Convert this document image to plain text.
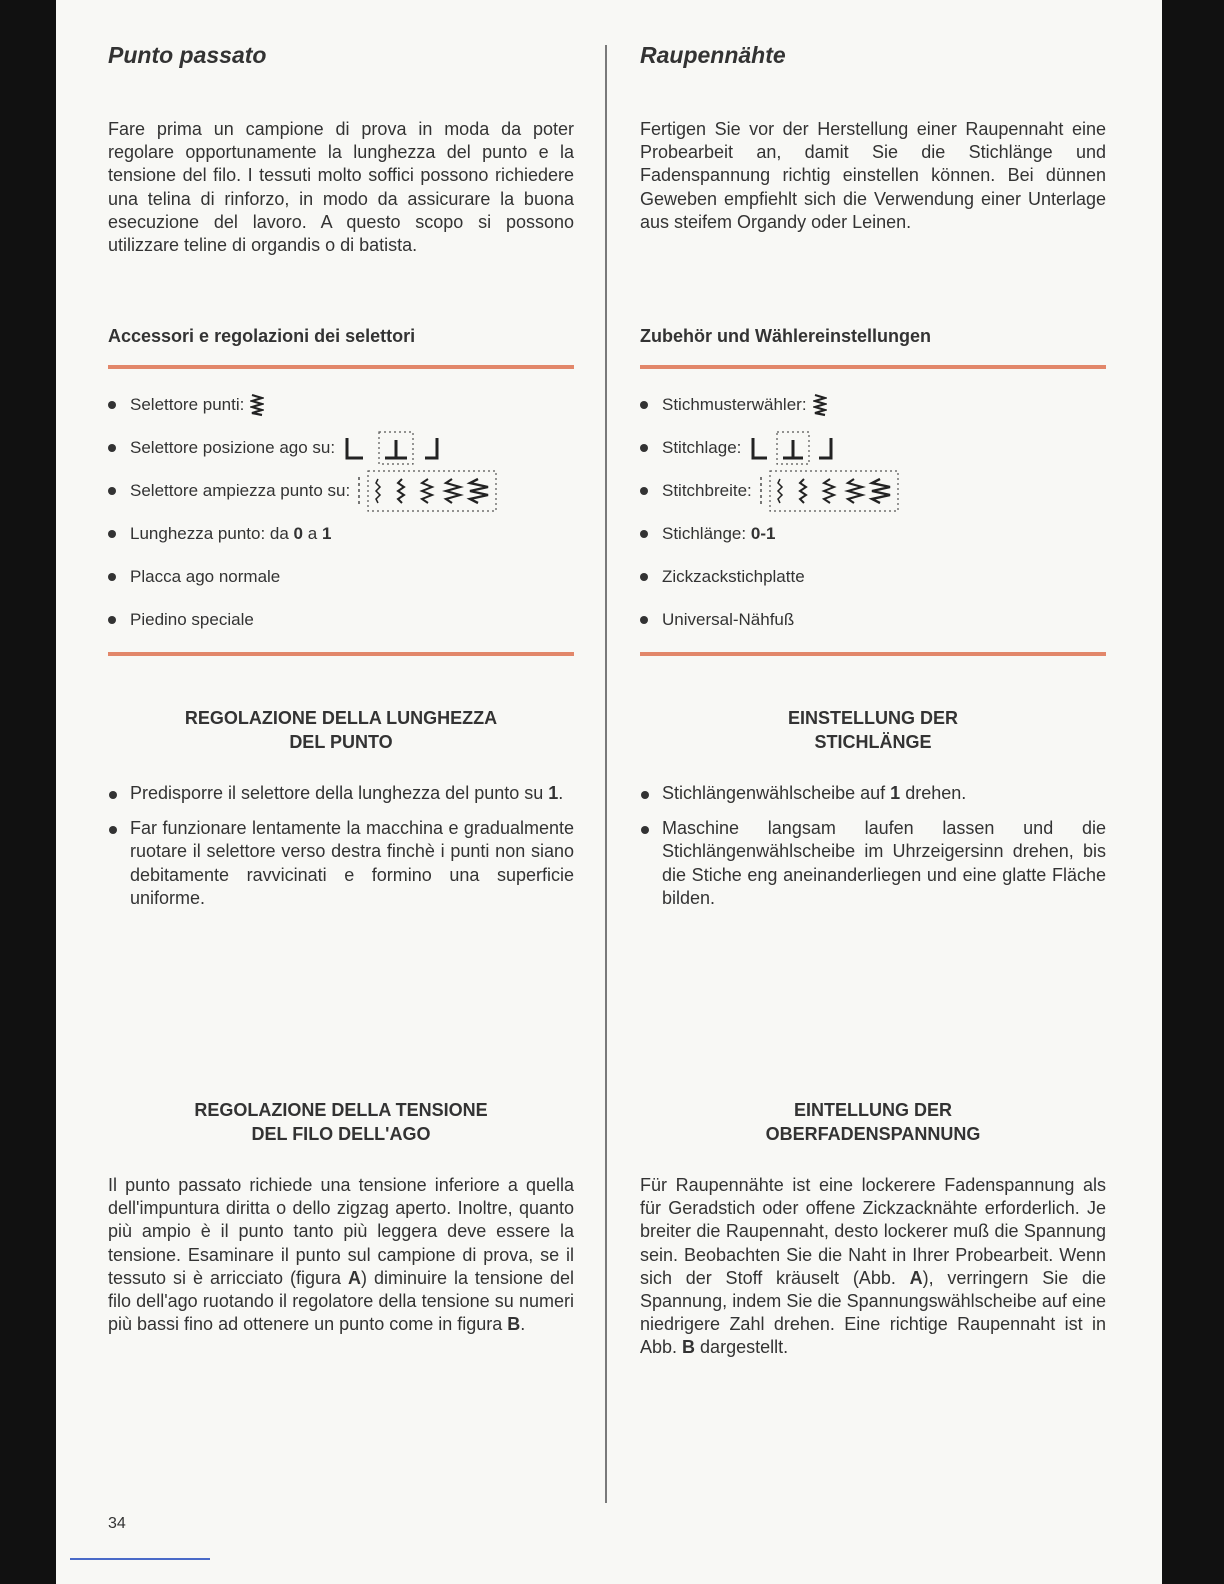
Punto passato

Fare prima un campione di prova in moda da poter regolare opportunamente la lunghezza del punto e la tensione del filo. I tessuti molto soffici possono richiedere una telina di rinforzo, in modo da assicurare la buona esecuzione del lavoro. A questo scopo si possono utilizzare teline di organdis o di batista.

Accessori e regolazioni dei selettori
Selettore punti:
Selettore posizione ago su:
Selettore ampiezza punto su:
Lunghezza punto: da
0
a
1
Placca ago normale
Piedino speciale
REGOLAZIONE DELLA LUNGHEZZA
DEL PUNTO
Predisporre il selettore della lunghezza del punto su 1.
Far funzionare lentamente la macchina e gradualmente ruotare il selettore verso destra finchè i punti non siano debitamente ravvicinati e formino una superficie uniforme.
REGOLAZIONE DELLA TENSIONE
DEL FILO DELL'AGO

Il punto passato richiede una tensione inferiore a quella dell'impuntura diritta o dello zigzag aperto. Inoltre, quanto più ampio è il punto tanto più leggera deve essere la tensione. Esaminare il punto sul campione di prova, se il tessuto si è arricciato (figura A) diminuire la tensione del filo dell'ago ruotando il regolatore della tensione su numeri più bassi fino ad ottenere un punto come in figura B.

34
Raupennähte

Fertigen Sie vor der Herstellung einer Raupennaht eine Probearbeit an, damit Sie die Stichlänge und Fadenspannung richtig einstellen können. Bei dünnen Geweben empfiehlt sich die Verwendung einer Unterlage aus steifem Organdy oder Leinen.

Zubehör und Wählereinstellungen
Stichmusterwähler:
Stitchlage:
Stitchbreite:
Stichlänge:
0-1
Zickzackstichplatte
Universal-Nähfuß
EINSTELLUNG DER
STICHLÄNGE
Stichlängenwählscheibe auf 1 drehen.
Maschine langsam laufen lassen und die Stichlängenwählscheibe im Uhrzeigersinn drehen, bis die Stiche eng aneinanderliegen und eine glatte Fläche bilden.
EINTELLUNG DER
OBERFADENSPANNUNG

Für Raupennähte ist eine lockerere Fadenspannung als für Geradstich oder offene Zickzacknähte erforderlich. Je breiter die Raupennaht, desto lockerer muß die Spannung sein. Beobachten Sie die Naht in Ihrer Probearbeit. Wenn sich der Stoff kräuselt (Abb. A), verringern Sie die Spannung, indem Sie die Spannungswählscheibe auf eine niedrigere Zahl drehen. Eine richtige Raupennaht ist in Abb. B dargestellt.
